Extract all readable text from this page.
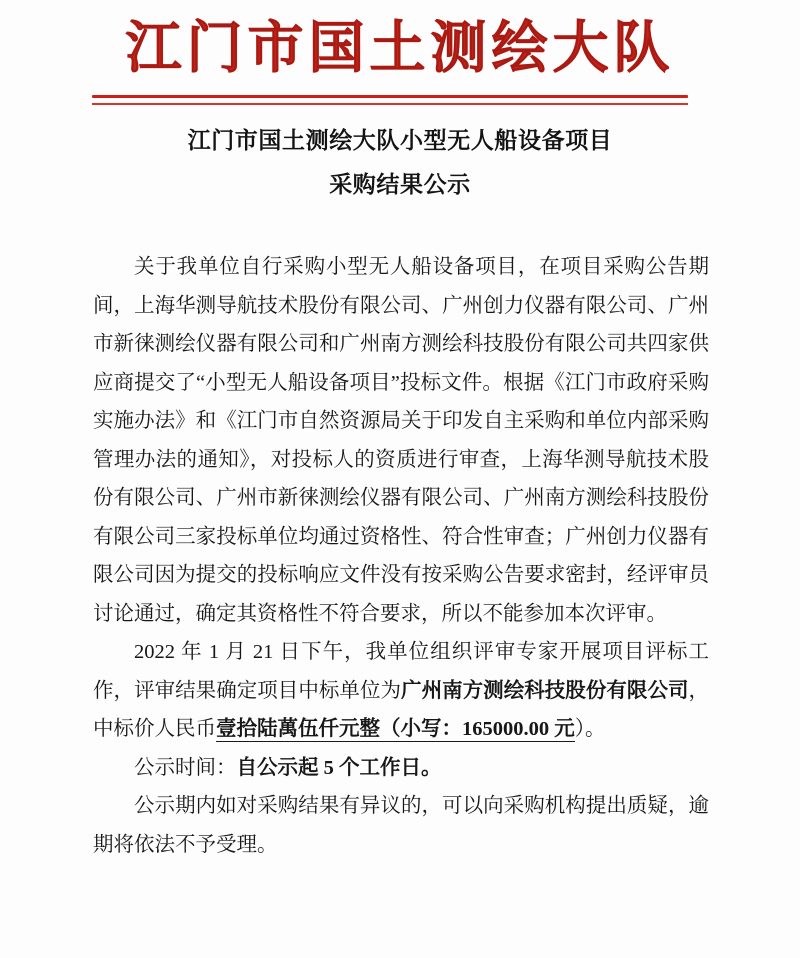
江门市国土测绘大队
江门市国土测绘大队小型无人船设备项目
采购结果公示

关于我单位自行采购小型无人船设备项目，在项目采购公告期间，上海华测导航技术股份有限公司、广州创力仪器有限公司、广州市新徕测绘仪器有限公司和广州南方测绘科技股份有限公司共四家供应商提交了“小型无人船设备项目”投标文件。根据《江门市政府采购实施办法》和《江门市自然资源局关于印发自主采购和单位内部采购管理办法的通知》，对投标人的资质进行审查，上海华测导航技术股份有限公司、广州市新徕测绘仪器有限公司、广州南方测绘科技股份有限公司三家投标单位均通过资格性、符合性审查；广州创力仪器有限公司因为提交的投标响应文件没有按采购公告要求密封，经评审员讨论通过，确定其资格性不符合要求，所以不能参加本次评审。

2022 年 1 月 21 日下午，我单位组织评审专家开展项目评标工作，评审结果确定项目中标单位为广州南方测绘科技股份有限公司，中标价人民币壹拾陆萬伍仟元整（小写：165000.00 元）。

公示时间：自公示起 5 个工作日。

公示期内如对采购结果有异议的，可以向采购机构提出质疑，逾期将依法不予受理。
